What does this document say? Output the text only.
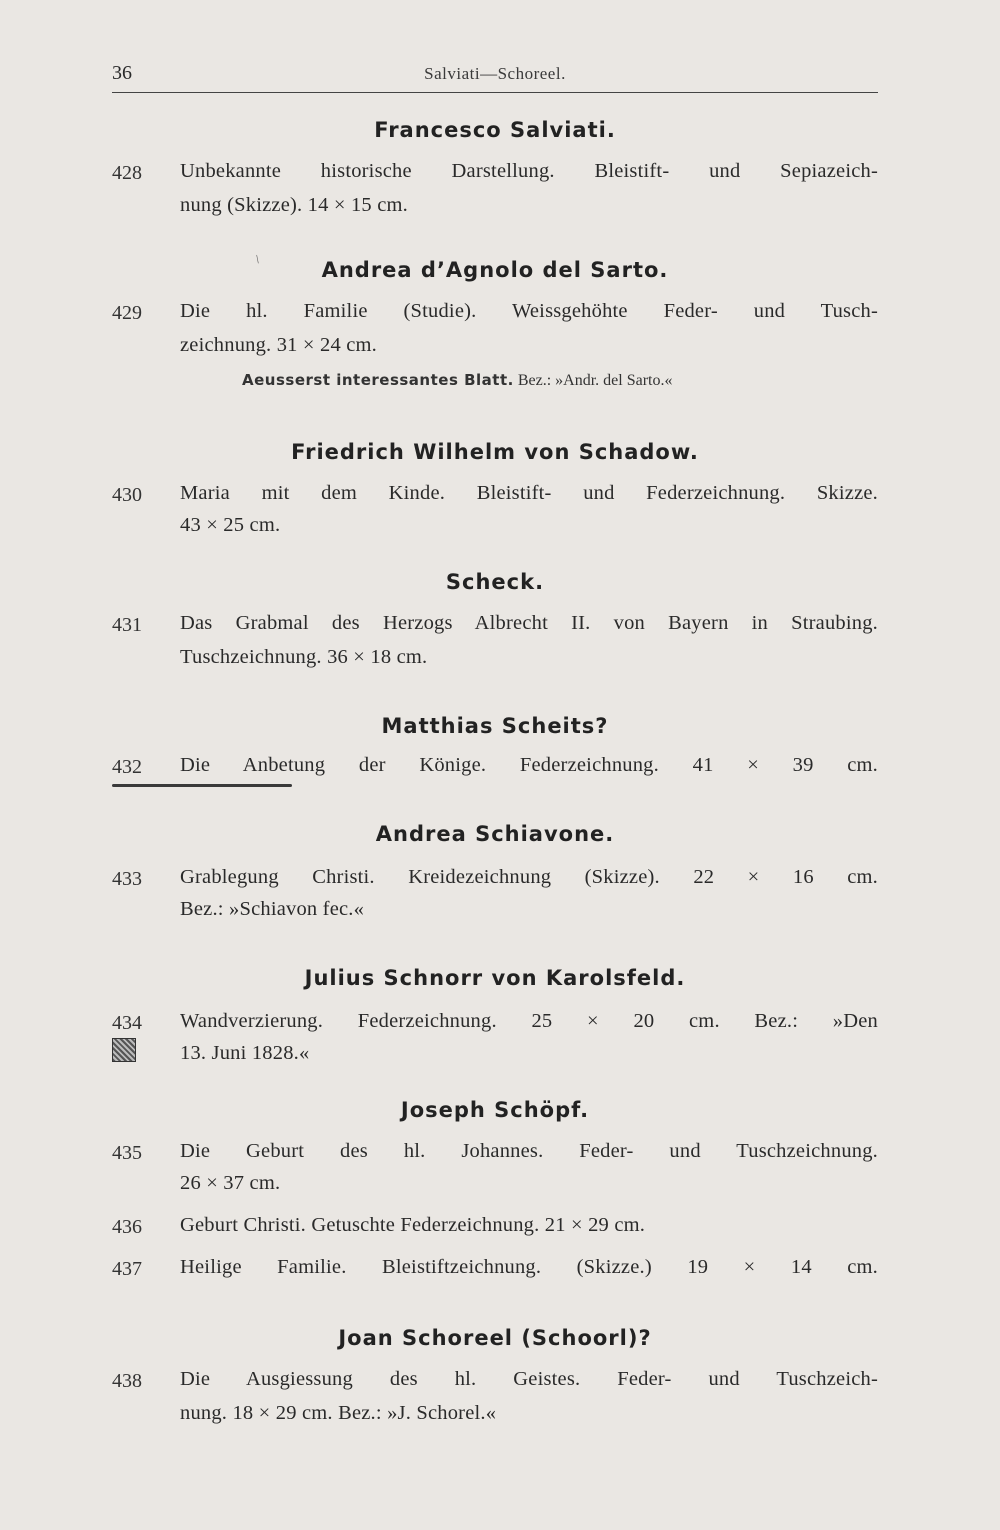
36	Salviati—Schoreel.
Francesco Salviati.
428 Unbekannte historische Darstellung. Bleistift- und Sepiazeich-
nung (Skizze). 14 × 15 cm.
/	Andrea d’Agnolo del Sarto.
429 Die hl. Familie (Studie). Weissgehöhte Feder- und Tusch-
zeichnung. 31 × 24 cm.
Aeusserst interessantes Blatt. Bez.: »Andr. del Sarto.«
Friedrich Wilhelm von Schadow.
430 Maria mit dem Kinde. Bleistift- und Federzeichnung. Skizze.
43 × 25 cm.
Scheck.
431 Das Grabmal des Herzogs Albrecht II. von Bayern in Straubing.
Tuschzeichnung. 36 × 18 cm.
Matthias Scheits?
432 Die Anbetung der Könige. Federzeichnung. 41 × 39 cm.
Andrea Schiavone.
433 Grablegung Christi. Kreidezeichnung (Skizze). 22 × 16 cm.
Bez.: »Schiavon fec.«
Julius Schnorr von Karolsfeld.
434 Wandverzierung. Federzeichnung. 25 × 20 cm. Bez.: »Den
13. Juni 1828.«
Joseph Schöpf.
435 Die Geburt des hl. Johannes. Feder- und Tuschzeichnung.
26 × 37 cm.
436 Geburt Christi. Getuschte Federzeichnung. 21 × 29 cm.
437 Heilige Familie. Bleistiftzeichnung. (Skizze.) 19 × 14 cm.
Joan Schoreel (Schoorl)?
438 Die Ausgiessung des hl. Geistes. Feder- und Tuschzeich-
nung. 18 × 29 cm. Bez.: »J. Schorel.«
